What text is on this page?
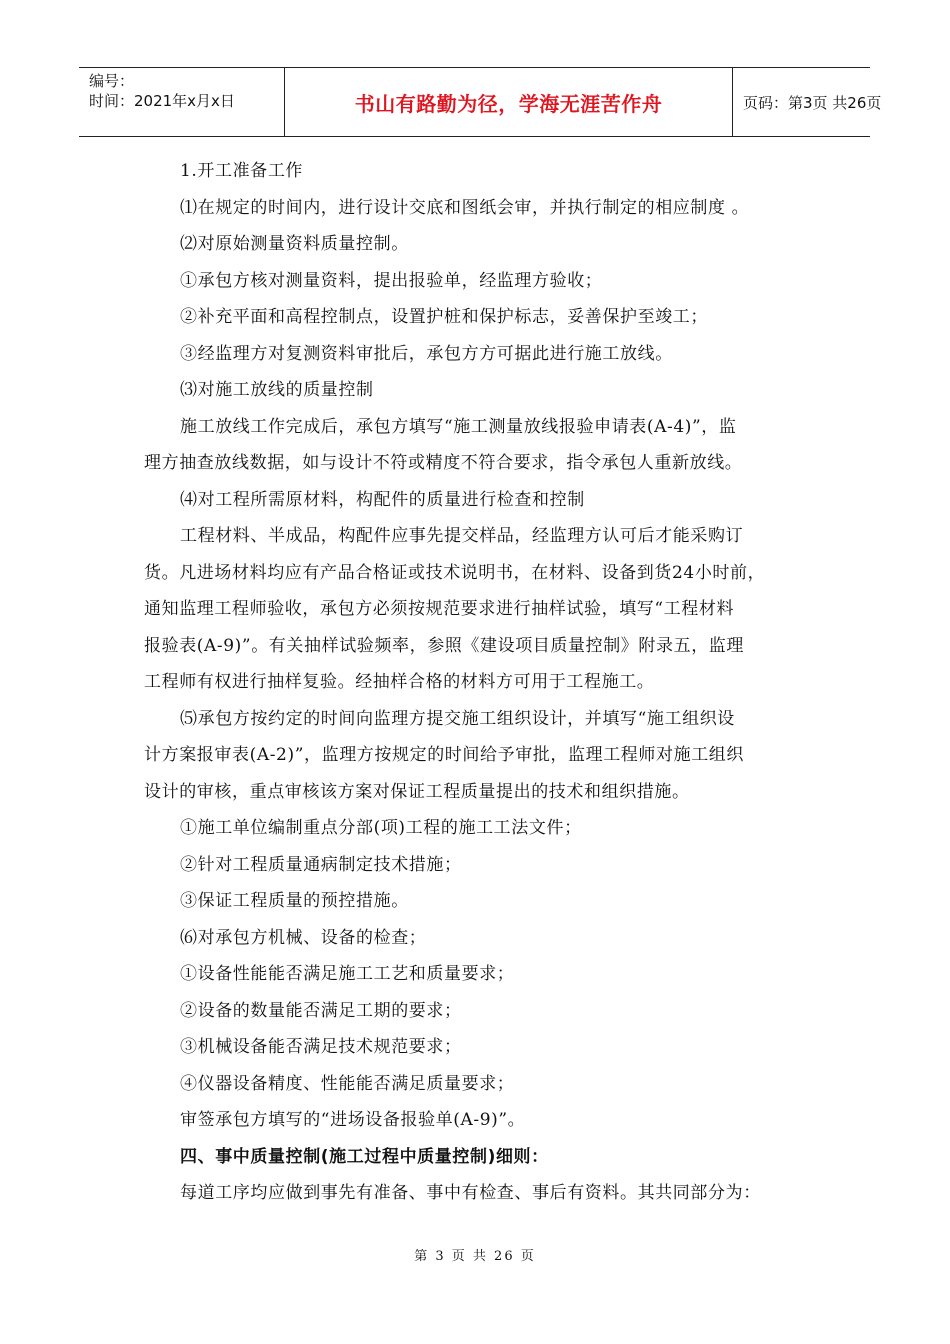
编号：
时间：2021年x月x日	书山有路勤为径，学海无涯苦作舟	页码：第3页 共26页

1.开工准备工作

⑴在规定的时间内，进行设计交底和图纸会审，并执行制定的相应制度 。

⑵对原始测量资料质量控制。

①承包方核对测量资料，提出报验单，经监理方验收；

②补充平面和高程控制点，设置护桩和保护标志，妥善保护至竣工；

③经监理方对复测资料审批后，承包方方可据此进行施工放线。

⑶对施工放线的质量控制

施工放线工作完成后，承包方填写“施工测量放线报验申请表(A-4)”，监

理方抽查放线数据，如与设计不符或精度不符合要求，指令承包人重新放线。

⑷对工程所需原材料，构配件的质量进行检查和控制

工程材料、半成品，构配件应事先提交样品，经监理方认可后才能采购订

货。凡进场材料均应有产品合格证或技术说明书，在材料、设备到货24小时前，

通知监理工程师验收，承包方必须按规范要求进行抽样试验，填写“工程材料

报验表(A-9)”。有关抽样试验频率，参照《建设项目质量控制》附录五，监理

工程师有权进行抽样复验。经抽样合格的材料方可用于工程施工。

⑸承包方按约定的时间向监理方提交施工组织设计，并填写“施工组织设

计方案报审表(A-2)”，监理方按规定的时间给予审批，监理工程师对施工组织

设计的审核，重点审核该方案对保证工程质量提出的技术和组织措施。

①施工单位编制重点分部(项)工程的施工工法文件；

②针对工程质量通病制定技术措施；

③保证工程质量的预控措施。

⑹对承包方机械、设备的检查；

①设备性能能否满足施工工艺和质量要求；

②设备的数量能否满足工期的要求；

③机械设备能否满足技术规范要求；

④仪器设备精度、性能能否满足质量要求；

审签承包方填写的“进场设备报验单(A-9)”。

四、事中质量控制(施工过程中质量控制)细则：

每道工序均应做到事先有准备、事中有检查、事后有资料。其共同部分为：

第 3 页 共 26 页
